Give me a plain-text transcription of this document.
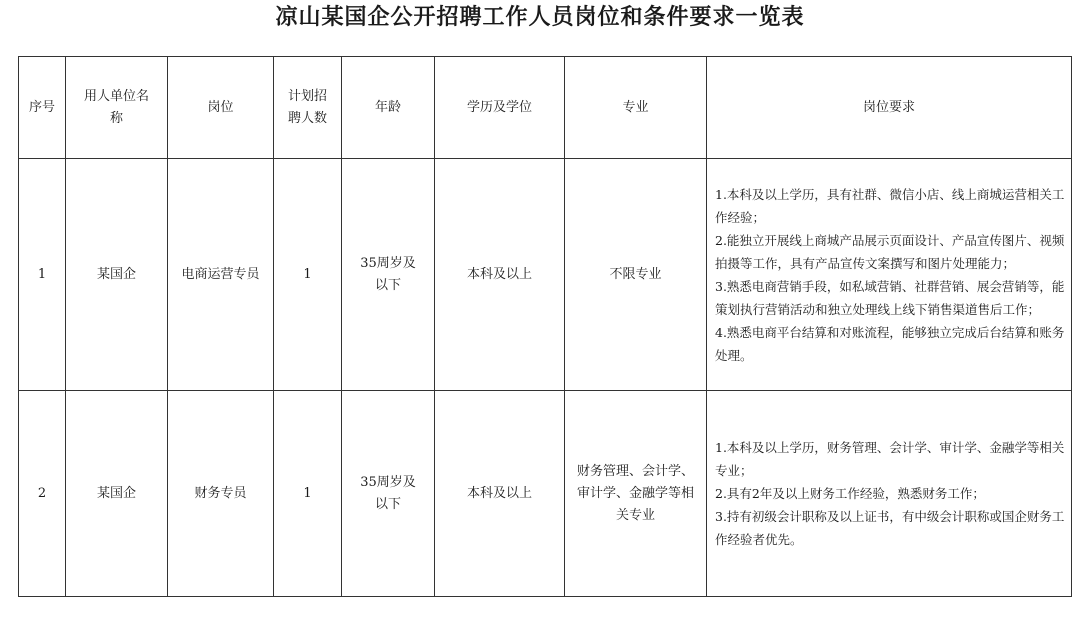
凉山某国企公开招聘工作人员岗位和条件要求一览表
序号	用人单位名称	岗位	计划招聘人数	年龄	学历及学位	专业	岗位要求
1	某国企	电商运营专员	1	35周岁及以下	本科及以上	不限专业	1.本科及以上学历，具有社群、微信小店、线上商城运营相关工作经验；
2.能独立开展线上商城产品展示页面设计、产品宣传图片、视频拍摄等工作，具有产品宣传文案撰写和图片处理能力；
3.熟悉电商营销手段，如私域营销、社群营销、展会营销等，能策划执行营销活动和独立处理线上线下销售渠道售后工作；
4.熟悉电商平台结算和对账流程，能够独立完成后台结算和账务处理。

2	某国企	财务专员	1	35周岁及以下	本科及以上	财务管理、会计学、审计学、金融学等相关专业	1.本科及以上学历，财务管理、会计学、审计学、金融学等相关专业；
2.具有2年及以上财务工作经验，熟悉财务工作；
3.持有初级会计职称及以上证书，有中级会计职称或国企财务工作经验者优先。
